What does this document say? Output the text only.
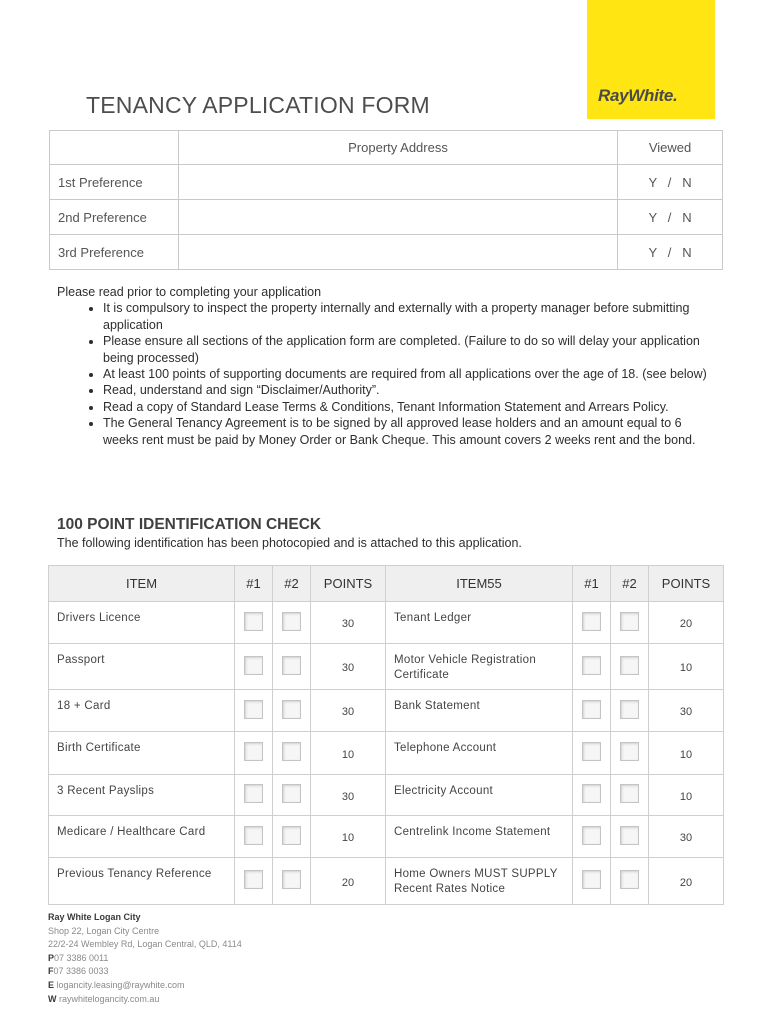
RayWhite.
TENANCY APPLICATION FORM
	Property Address	Viewed
1st Preference		Y   /   N
2nd Preference		Y   /   N
3rd Preference		Y   /   N
Please read prior to completing your application
• It is compulsory to inspect the property internally and externally with a property manager before submitting application
• Please ensure all sections of the application form are completed. (Failure to do so will delay your application being processed)
• At least 100 points of supporting documents are required from all applications over the age of 18. (see below)
• Read, understand and sign “Disclaimer/Authority”.
• Read a copy of Standard Lease Terms & Conditions, Tenant Information Statement and Arrears Policy.
• The General Tenancy Agreement is to be signed by all approved lease holders and an amount equal to 6 weeks rent must be paid by Money Order or Bank Cheque. This amount covers 2 weeks rent and the bond.
100 POINT IDENTIFICATION CHECK
The following identification has been photocopied and is attached to this application.
ITEM	#1	#2	POINTS	ITEM55	#1	#2	POINTS
Drivers Licence			30	Tenant Ledger			20
Passport			30	Motor Vehicle Registration Certificate			10
18 + Card			30	Bank Statement			30
Birth Certificate			10	Telephone Account			10
3 Recent Payslips			30	Electricity Account			10
Medicare / Healthcare Card			10	Centrelink Income Statement			30
Previous Tenancy Reference			20	Home Owners MUST SUPPLY Recent Rates Notice			20
Ray White Logan City
Shop 22, Logan City Centre
22/2-24 Wembley Rd, Logan Central, QLD, 4114
P07 3386 0011
F07 3386 0033
E logancity.leasing@raywhite.com
W raywhitelogancity.com.au
